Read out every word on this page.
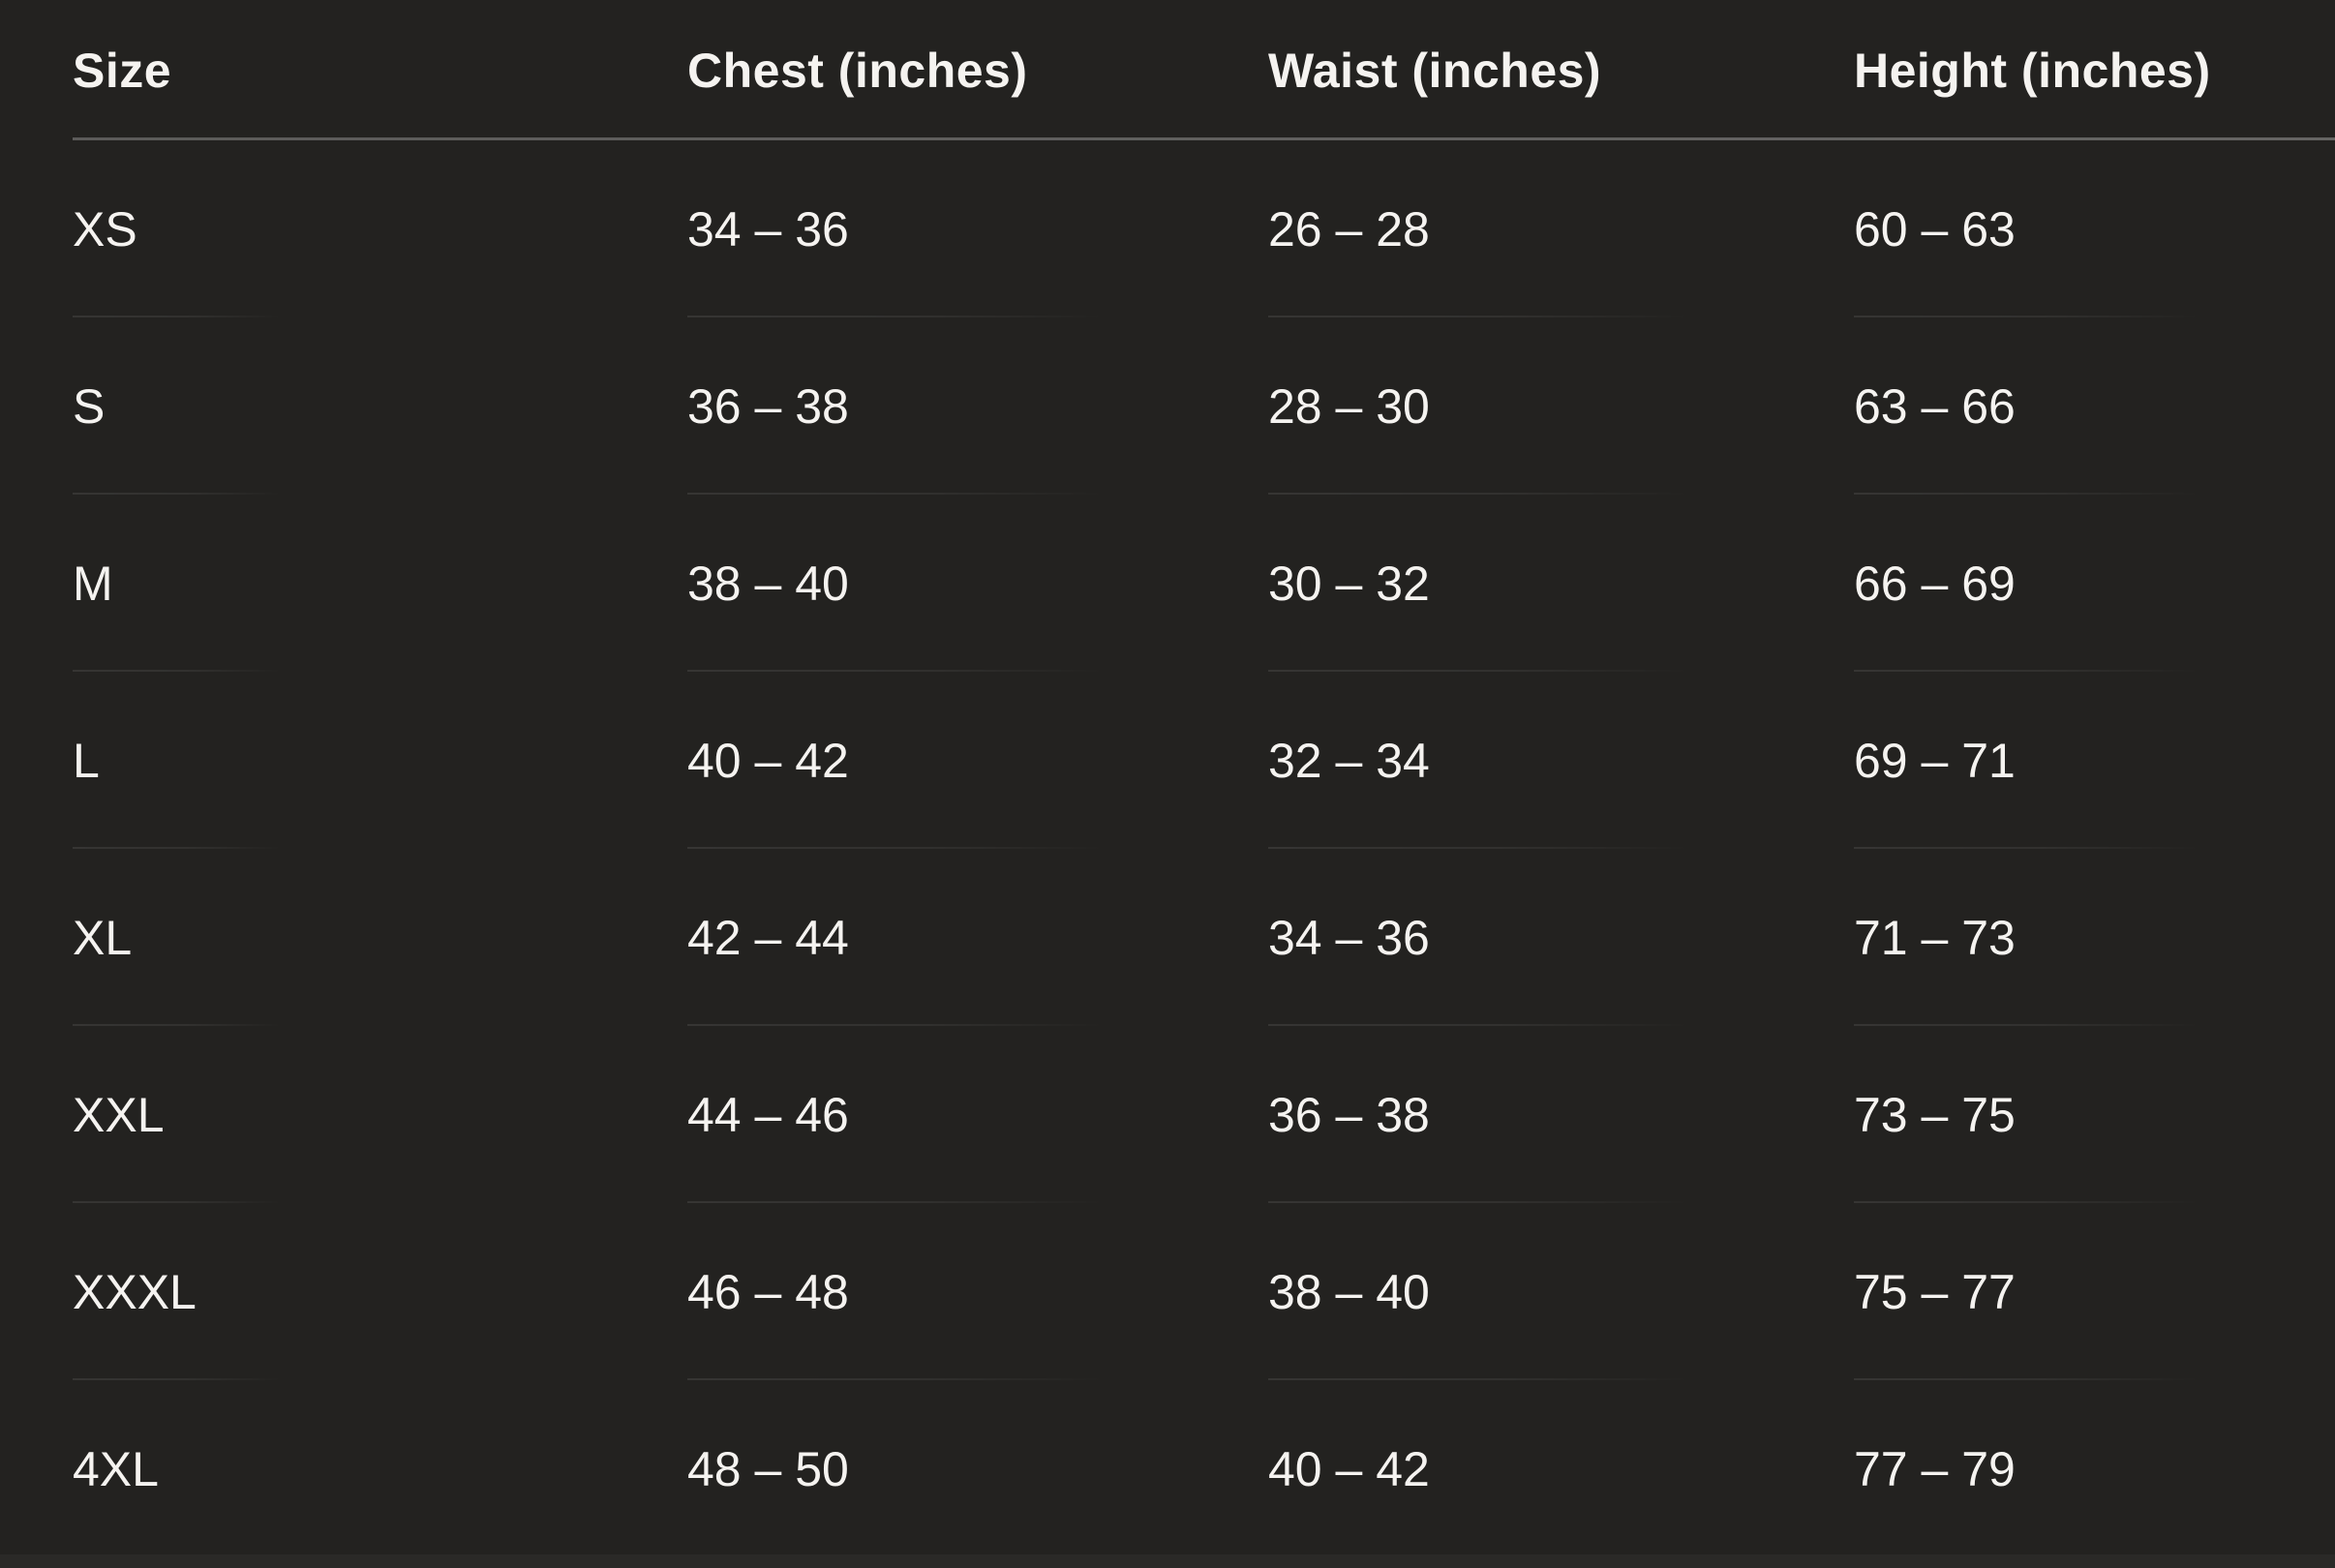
Size	Chest (inches)	Waist (inches)	Height (inches)
XS	34 – 36	26 – 28	60 – 63
S	36 – 38	28 – 30	63 – 66
M	38 – 40	30 – 32	66 – 69
L	40 – 42	32 – 34	69 – 71
XL	42 – 44	34 – 36	71 – 73
XXL	44 – 46	36 – 38	73 – 75
XXXL	46 – 48	38 – 40	75 – 77
4XL	48 – 50	40 – 42	77 – 79
